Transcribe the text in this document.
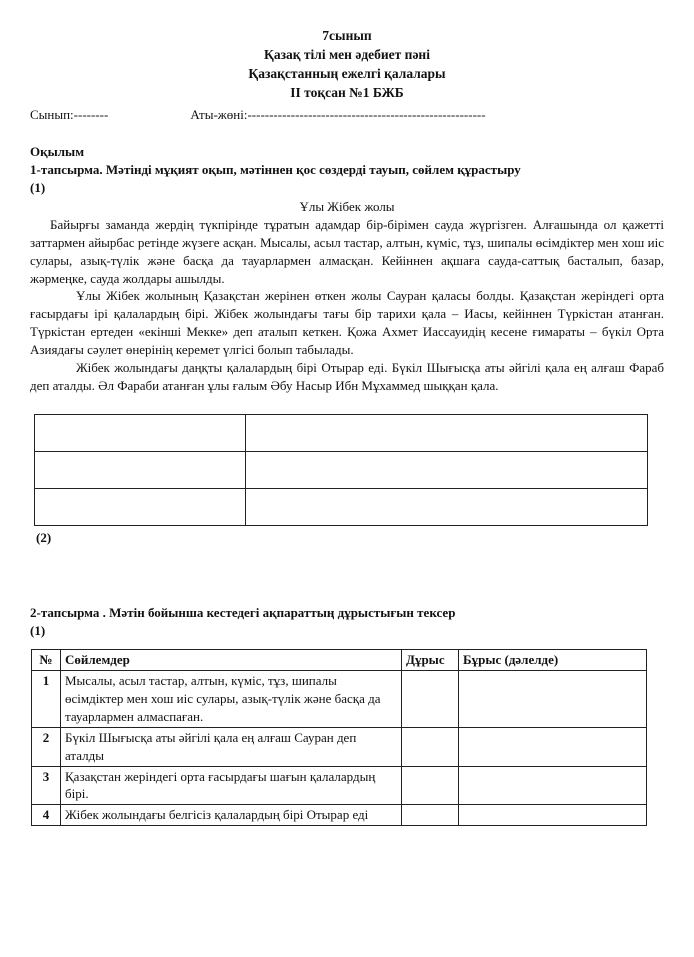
7сынып
Қазақ тілі мен әдебиет пәні
Қазақстанның ежелгі қалалары
ІІ тоқсан №1 БЖБ
Сынып:--------	Аты-жөні:-------------------------------------------------------
Оқылым
1-тапсырма. Мәтінді мұқият оқып, мәтіннен қос сөздерді тауып, сөйлем құрастыру
(1)
Ұлы Жібек жолы

Байырғы заманда жердің түкпірінде тұратын адамдар бір-бірімен сауда жүргізген. Алғашында ол қажетті заттармен айырбас ретінде жүзеге асқан. Мысалы, асыл тастар, алтын, күміс, тұз, шипалы өсімдіктер мен хош иіс сулары, азық-түлік және басқа да тауарлармен алмасқан. Кейіннен ақшаға сауда-саттық басталып, базар, жәрмеңке, сауда жолдары ашылды.

Ұлы Жібек жолының Қазақстан жерінен өткен жолы Сауран қаласы болды. Қазақстан жеріндегі орта ғасырдағы ірі қалалардың бірі. Жібек жолындағы тағы бір тарихи қала – Иасы, кейіннен Түркістан атанған. Түркістан ертеден «екінші Мекке» деп аталып кеткен. Қожа Ахмет Иассауидің кесене ғимараты – бүкіл Орта Азиядағы сәулет өнерінің керемет үлгісі болып табылады.

Жібек жолындағы даңқты қалалардың бірі Отырар еді. Бүкіл Шығысқа аты әйгілі қала ең алғаш Фараб деп аталды. Әл Фараби атанған ұлы ғалым Әбу Насыр Ибн Мұхаммед шыққан қала.

(2)
2-тапсырма . Мәтін бойынша кестедегі ақпараттың дұрыстығын тексер
(1)
№	Сөйлемдер	Дұрыс	Бұрыс (дәлелде)
1	Мысалы, асыл тастар, алтын, күміс, тұз, шипалы өсімдіктер мен хош иіс сулары, азық-түлік және басқа да тауарлармен алмаспаған.		
2	Бүкіл Шығысқа аты әйгілі қала ең алғаш Сауран деп аталды		
3	Қазақстан жеріндегі орта ғасырдағы шағын қалалардың бірі.		
4	Жібек жолындағы белгісіз қалалардың бірі Отырар еді		
